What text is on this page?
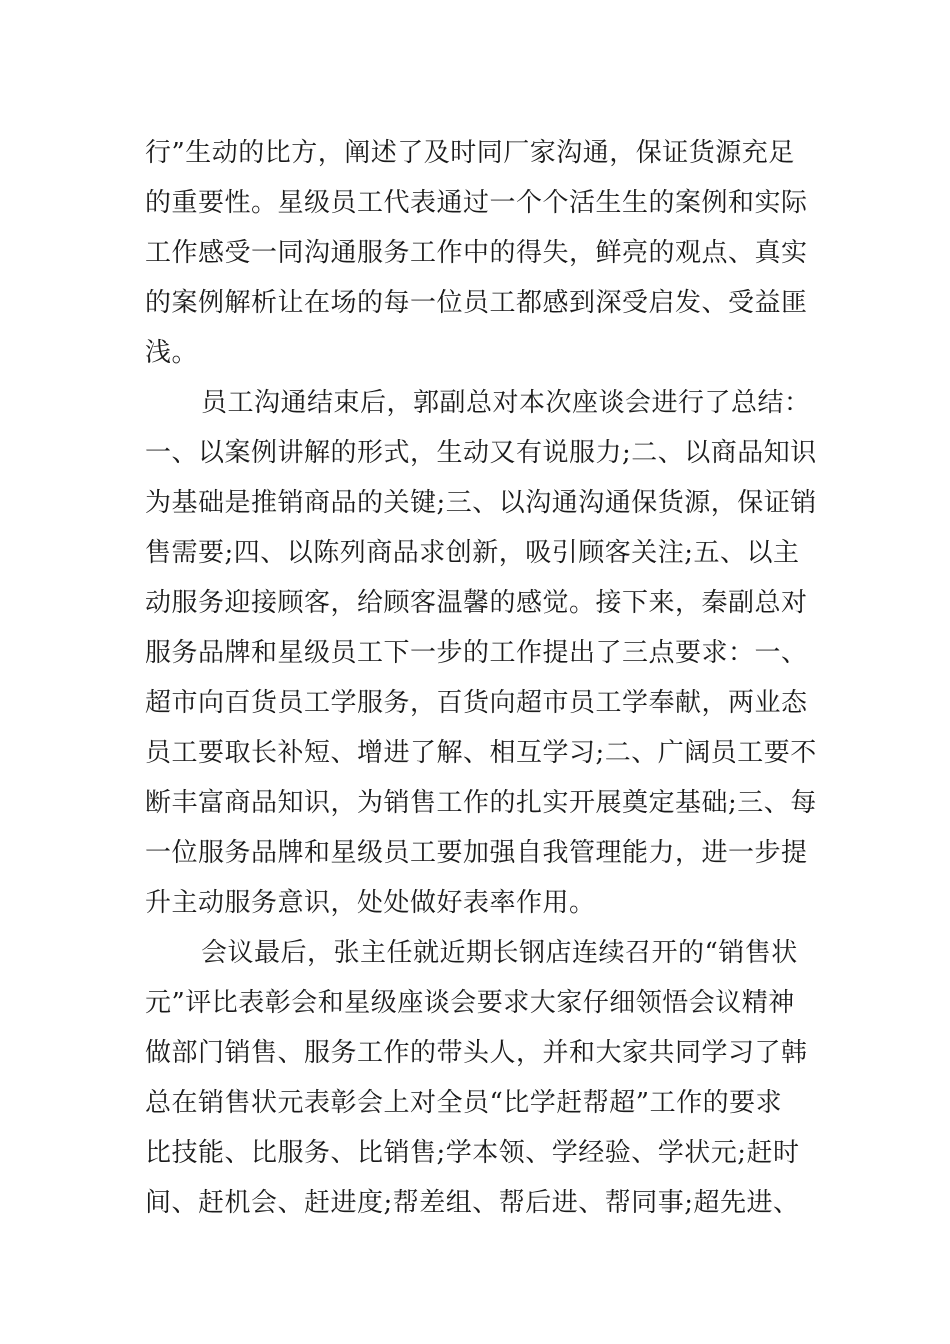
行”生动的比方，阐述了及时同厂家沟通，保证货源充足
的重要性。星级员工代表通过一个个活生生的案例和实际
工作感受一同沟通服务工作中的得失，鲜亮的观点、真实
的案例解析让在场的每一位员工都感到深受启发、受益匪
浅。
员工沟通结束后，郭副总对本次座谈会进行了总结：
一、以案例讲解的形式，生动又有说服力;二、以商品知识
为基础是推销商品的关键;三、以沟通沟通保货源，保证销
售需要;四、以陈列商品求创新，吸引顾客关注;五、以主
动服务迎接顾客，给顾客温馨的感觉。接下来，秦副总对
服务品牌和星级员工下一步的工作提出了三点要求：一、
超市向百货员工学服务，百货向超市员工学奉献，两业态
员工要取长补短、增进了解、相互学习;二、广阔员工要不
断丰富商品知识，为销售工作的扎实开展奠定基础;三、每
一位服务品牌和星级员工要加强自我管理能力，进一步提
升主动服务意识，处处做好表率作用。
会议最后，张主任就近期长钢店连续召开的“销售状
元”评比表彰会和星级座谈会要求大家仔细领悟会议精神
做部门销售、服务工作的带头人，并和大家共同学习了韩
总在销售状元表彰会上对全员“比学赶帮超”工作的要求
比技能、比服务、比销售;学本领、学经验、学状元;赶时
间、赶机会、赶进度;帮差组、帮后进、帮同事;超先进、
